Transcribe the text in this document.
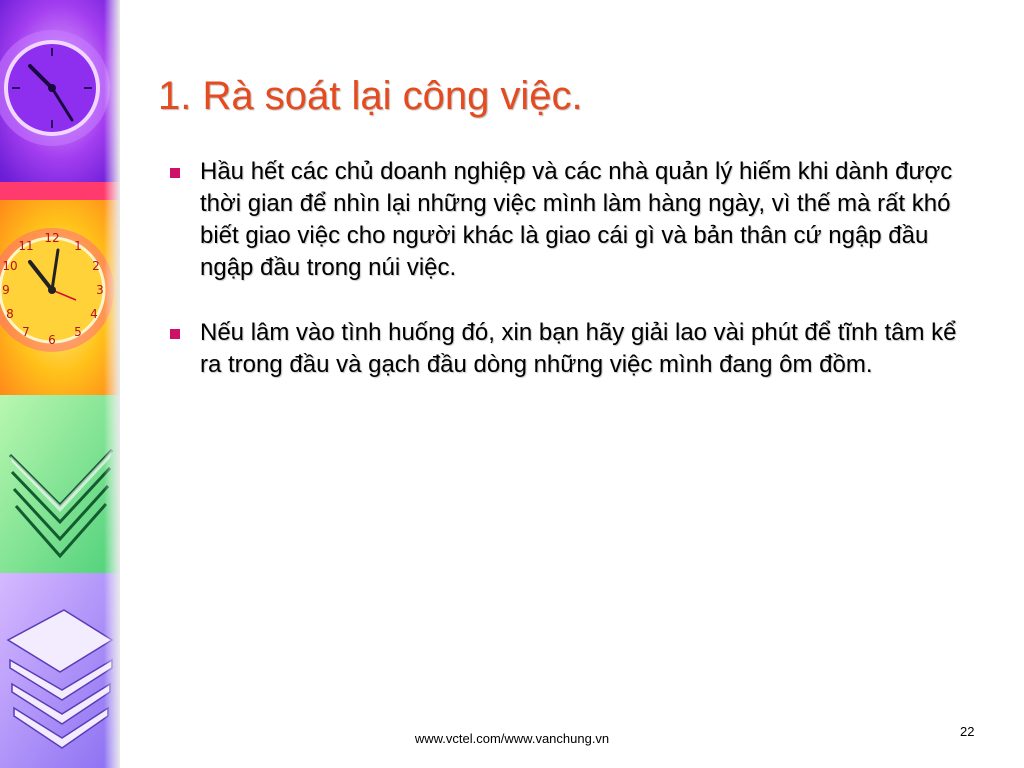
12
1
2
3
4
5
6
7
8
9
10
11
1. Rà soát lại công việc.
Hầu hết các chủ doanh nghiệp và các nhà quản lý hiếm khi dành được thời gian để nhìn lại những việc mình làm hàng ngày, vì thế mà rất khó biết giao việc cho người khác là giao cái gì và bản thân cứ ngập đầu ngập đầu trong núi việc.
Nếu lâm vào tình huống đó, xin bạn hãy giải lao vài phút để tĩnh tâm kể ra trong đầu và gạch đầu dòng những việc mình đang ôm đồm.
www.vctel.com/www.vanchung.vn	22
